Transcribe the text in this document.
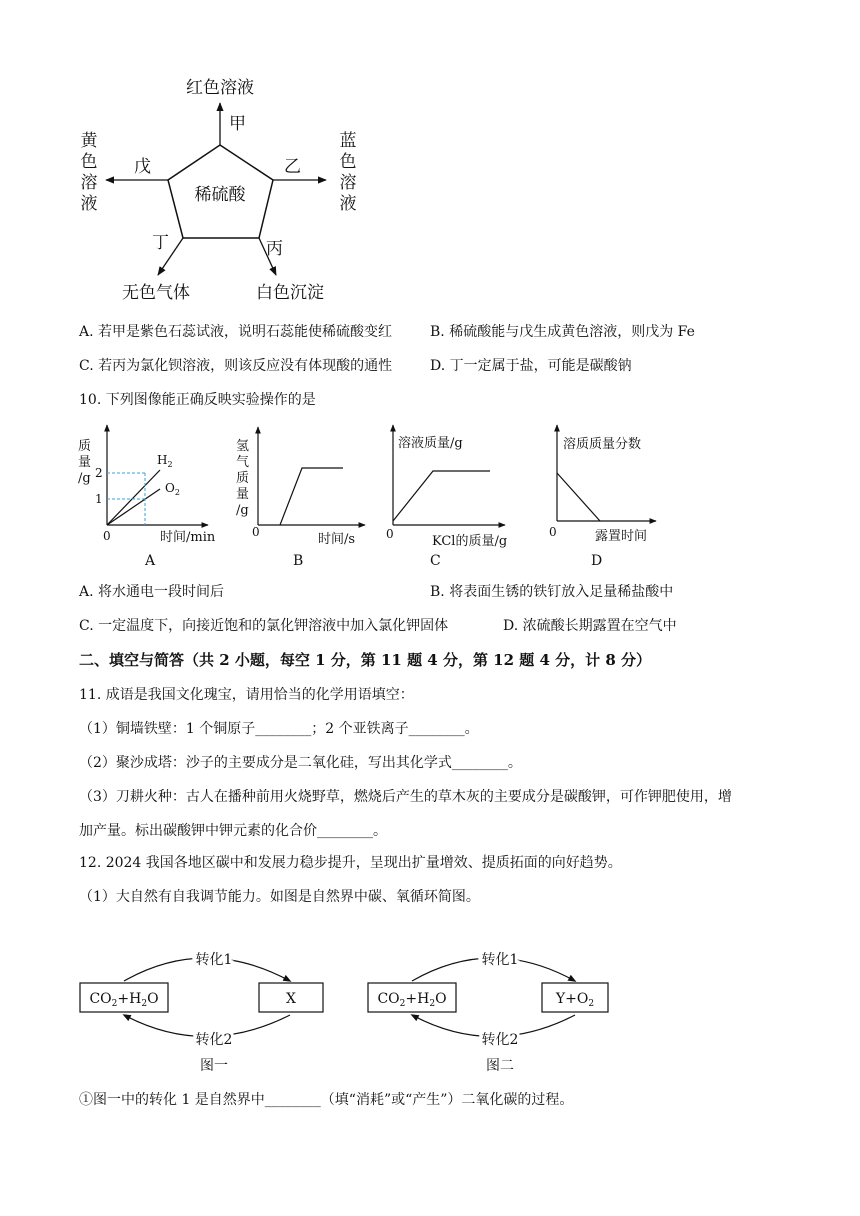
稀硫酸
甲
戊	乙
丁	丙
红色溶液
无色气体	白色沉淀
黄
色
溶
液
蓝
色
溶
液
A. 若甲是紫色石蕊试液，说明石蕊能使稀硫酸变红	B. 稀硫酸能与戊生成黄色溶液，则戊为 Fe
C. 若丙为氯化钡溶液，则该反应没有体现酸的通性	D. 丁一定属于盐，可能是碳酸钠
10. 下列图像能正确反映实验操作的是
质
量
/g 2
1
0
$H_2$
$O_2$
时间/min
A
氢
气
质
量
/g
0	时间/s
B
溶液质量/g
0	KCl的质量/g
C
溶质质量分数
0	露置时间
D
A. 将水通电一段时间后	B. 将表面生锈的铁钉放入足量稀盐酸中
C. 一定温度下，向接近饱和的氯化钾溶液中加入氯化钾固体	D. 浓硫酸长期露置在空气中
二、填空与简答（共 2 小题，每空 1 分，第 11 题 4 分，第 12 题 4 分，计 8 分）
11. 成语是我国文化瑰宝，请用恰当的化学用语填空：
（1）铜墙铁壁：1 个铜原子________；2 个亚铁离子________。
（2）聚沙成塔：沙子的主要成分是二氧化硅，写出其化学式________。
（3）刀耕火种：古人在播种前用火烧野草，燃烧后产生的草木灰的主要成分是碳酸钾，可作钾肥使用，增
加产量。标出碳酸钾中钾元素的化合价________。
12. 2024 我国各地区碳中和发展力稳步提升，呈现出扩量增效、提质拓面的向好趋势。
（1）大自然有自我调节能力。如图是自然界中碳、氧循环简图。
$CO_2+H_2O$	X
转化1
转化2
图一
$CO_2+H_2O$	$Y+O_2$
转化1
转化2
图二
①图一中的转化 1 是自然界中________（填“消耗”或“产生”）二氧化碳的过程。
